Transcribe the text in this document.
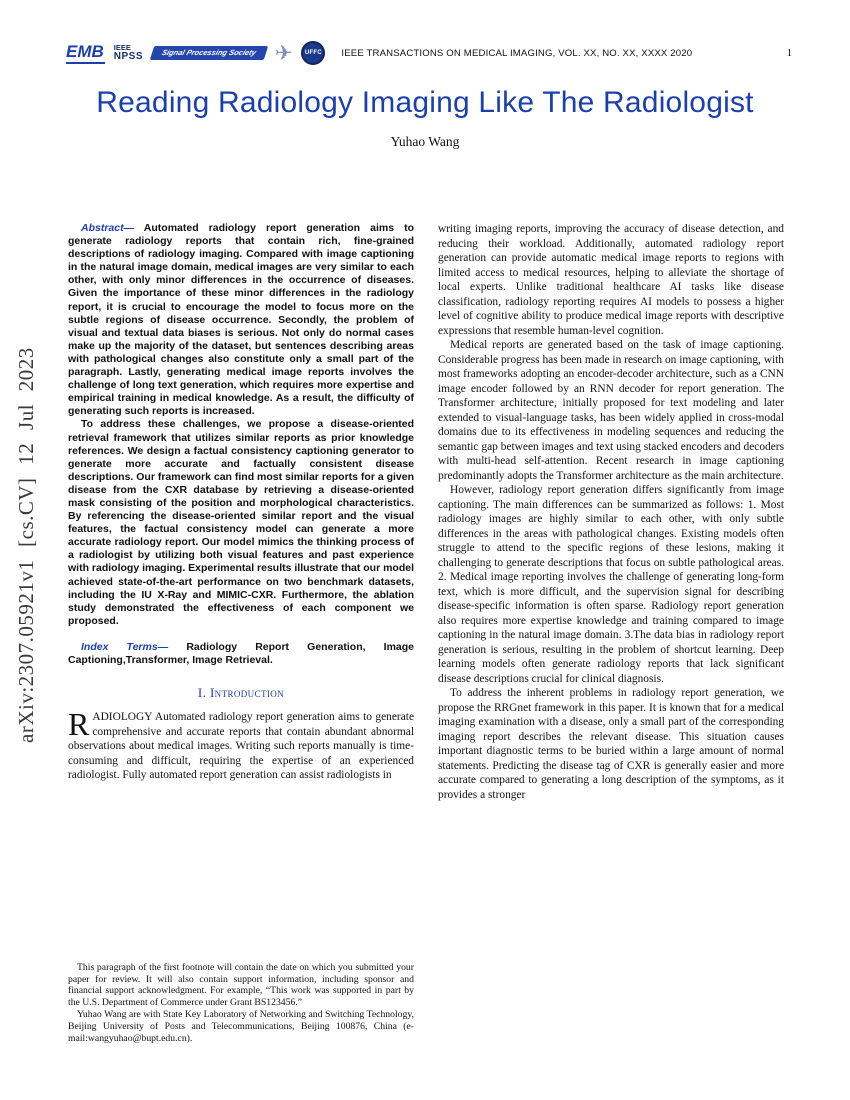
arXiv:2307.05921v1 [cs.CV] 12 Jul 2023
EMB IEEE
NPSS	Signal Processing Society ✈	UFFC	IEEE TRANSACTIONS ON MEDICAL IMAGING, VOL. XX, NO. XX, XXXX 2020	1
Reading Radiology Imaging Like The Radiologist
Yuhao Wang

Abstract— Automated radiology report generation aims to generate radiology reports that contain rich, fine-grained descriptions of radiology imaging. Compared with image captioning in the natural image domain, medical images are very similar to each other, with only minor differences in the occurrence of diseases. Given the importance of these minor differences in the radiology report, it is crucial to encourage the model to focus more on the subtle regions of disease occurrence. Secondly, the problem of visual and textual data biases is serious. Not only do normal cases make up the majority of the dataset, but sentences describing areas with pathological changes also constitute only a small part of the paragraph. Lastly, generating medical image reports involves the challenge of long text generation, which requires more expertise and empirical training in medical knowledge. As a result, the difficulty of generating such reports is increased.

To address these challenges, we propose a disease-oriented retrieval framework that utilizes similar reports as prior knowledge references. We design a factual consistency captioning generator to generate more accurate and factually consistent disease descriptions. Our framework can find most similar reports for a given disease from the CXR database by retrieving a disease-oriented mask consisting of the position and morphological characteristics. By referencing the disease-oriented similar report and the visual features, the factual consistency model can generate a more accurate radiology report. Our model mimics the thinking process of a radiologist by utilizing both visual features and past experience with radiology imaging. Experimental results illustrate that our model achieved state-of-the-art performance on two benchmark datasets, including the IU X-Ray and MIMIC-CXR. Furthermore, the ablation study demonstrated the effectiveness of each component we proposed.

Index Terms— Radiology Report Generation, Image Captioning,Transformer, Image Retrieval.

I. Introduction

R ADIOLOGY Automated radiology report generation aims to generate comprehensive and accurate reports that contain abundant abnormal observations about medical images. Writing such reports manually is time-consuming and difficult, requiring the expertise of an experienced radiologist. Fully automated report generation can assist radiologists in

This paragraph of the first footnote will contain the date on which you submitted your paper for review. It will also contain support information, including sponsor and financial support acknowledgment. For example, “This work was supported in part by the U.S. Department of Commerce under Grant BS123456.”

Yuhao Wang are with State Key Laboratory of Networking and Switching Technology, Beijing University of Posts and Telecommunications, Beijing 100876, China (e-mail:wangyuhao@bupt.edu.cn).

writing imaging reports, improving the accuracy of disease detection, and reducing their workload. Additionally, automated radiology report generation can provide automatic medical image reports to regions with limited access to medical resources, helping to alleviate the shortage of local experts. Unlike traditional healthcare AI tasks like disease classification, radiology reporting requires AI models to possess a higher level of cognitive ability to produce medical image reports with descriptive expressions that resemble human-level cognition.

Medical reports are generated based on the task of image captioning. Considerable progress has been made in research on image captioning, with most frameworks adopting an encoder-decoder architecture, such as a CNN image encoder followed by an RNN decoder for report generation. The Transformer architecture, initially proposed for text modeling and later extended to visual-language tasks, has been widely applied in cross-modal domains due to its effectiveness in modeling sequences and reducing the semantic gap between images and text using stacked encoders and decoders with multi-head self-attention. Recent research in image captioning predominantly adopts the Transformer architecture as the main architecture.

However, radiology report generation differs significantly from image captioning. The main differences can be summarized as follows: 1. Most radiology images are highly similar to each other, with only subtle differences in the areas with pathological changes. Existing models often struggle to attend to the specific regions of these lesions, making it challenging to generate descriptions that focus on subtle pathological areas. 2. Medical image reporting involves the challenge of generating long-form text, which is more difficult, and the supervision signal for describing disease-specific information is often sparse. Radiology report generation also requires more expertise knowledge and training compared to image captioning in the natural image domain. 3.The data bias in radiology report generation is serious, resulting in the problem of shortcut learning. Deep learning models often generate radiology reports that lack significant disease descriptions crucial for clinical diagnosis.

To address the inherent problems in radiology report generation, we propose the RRGnet framework in this paper. It is known that for a medical imaging examination with a disease, only a small part of the corresponding imaging report describes the relevant disease. This situation causes important diagnostic terms to be buried within a large amount of normal statements. Predicting the disease tag of CXR is generally easier and more accurate compared to generating a long description of the symptoms, as it provides a stronger
